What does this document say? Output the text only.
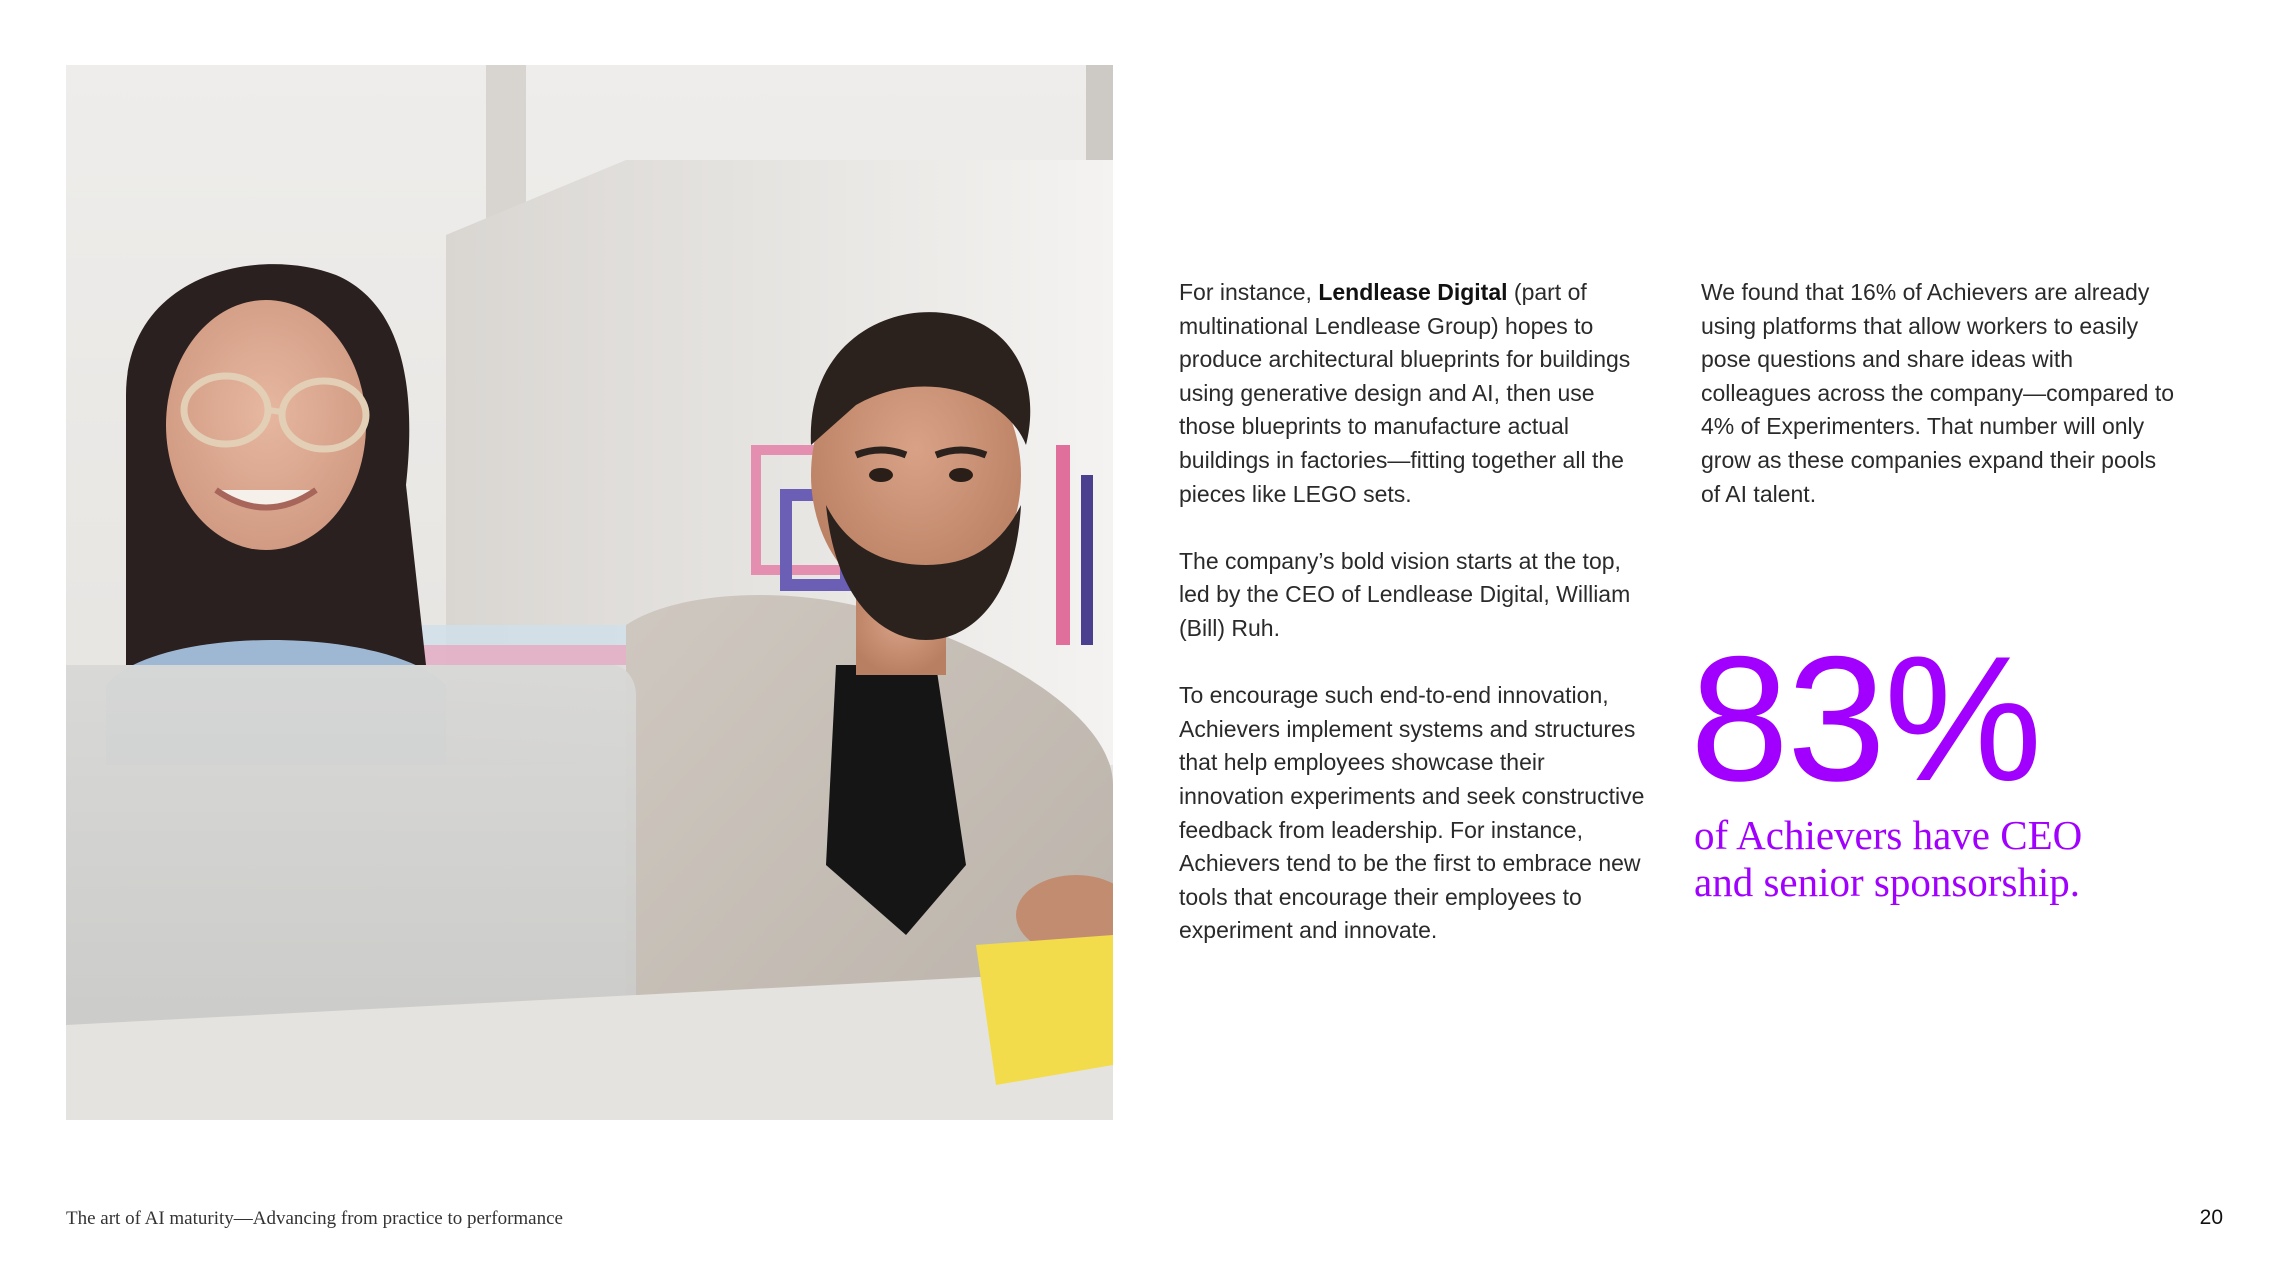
For instance, Lendlease Digital (part of multinational Lendlease Group) hopes to produce architectural blueprints for buildings using generative design and AI, then use those blueprints to manufacture actual buildings in factories—fitting together all the pieces like LEGO sets.

The company’s bold vision starts at the top, led by the CEO of Lendlease Digital, William (Bill) Ruh.

To encourage such end-to-end innovation, Achievers implement systems and structures that help employees showcase their innovation experiments and seek constructive feedback from leadership. For instance, Achievers tend to be the first to embrace new tools that encourage their employees to experiment and innovate.

We found that 16% of Achievers are already using platforms that allow workers to easily pose questions and share ideas with colleagues across the company—compared to 4% of Experimenters. That number will only grow as these companies expand their pools of AI talent.

83%
of Achievers have CEO and senior sponsorship.
The art of AI maturity—Advancing from practice to performance	20
